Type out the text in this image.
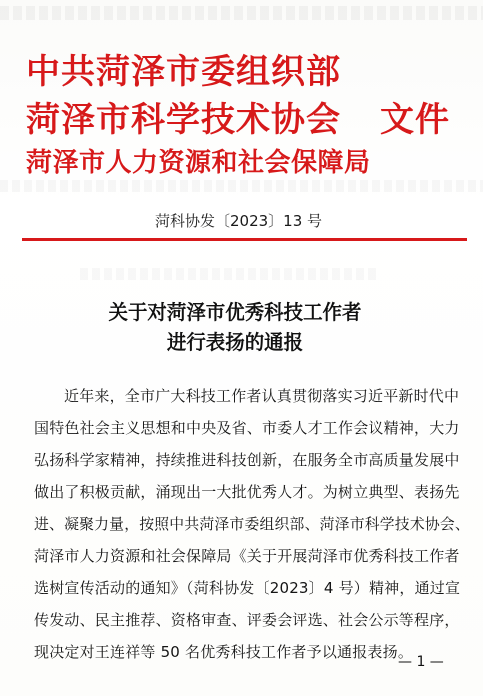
中共菏泽市委组织部
菏泽市科学技术协会 文件
菏泽市人力资源和社会保障局
菏科协发〔2023〕13 号
关于对菏泽市优秀科技工作者
进行表扬的通报
近年来，全市广大科技工作者认真贯彻落实习近平新时代中
国特色社会主义思想和中央及省、市委人才工作会议精神，大力
弘扬科学家精神，持续推进科技创新，在服务全市高质量发展中
做出了积极贡献，涌现出一大批优秀人才。为树立典型、表扬先
进、凝聚力量，按照中共菏泽市委组织部、菏泽市科学技术协会、
菏泽市人力资源和社会保障局《关于开展菏泽市优秀科技工作者
选树宣传活动的通知》（菏科协发〔2023〕4 号）精神，通过宣
传发动、民主推荐、资格审查、评委会评选、社会公示等程序，
现决定对王连祥等 50 名优秀科技工作者予以通报表扬。
— 1 —
